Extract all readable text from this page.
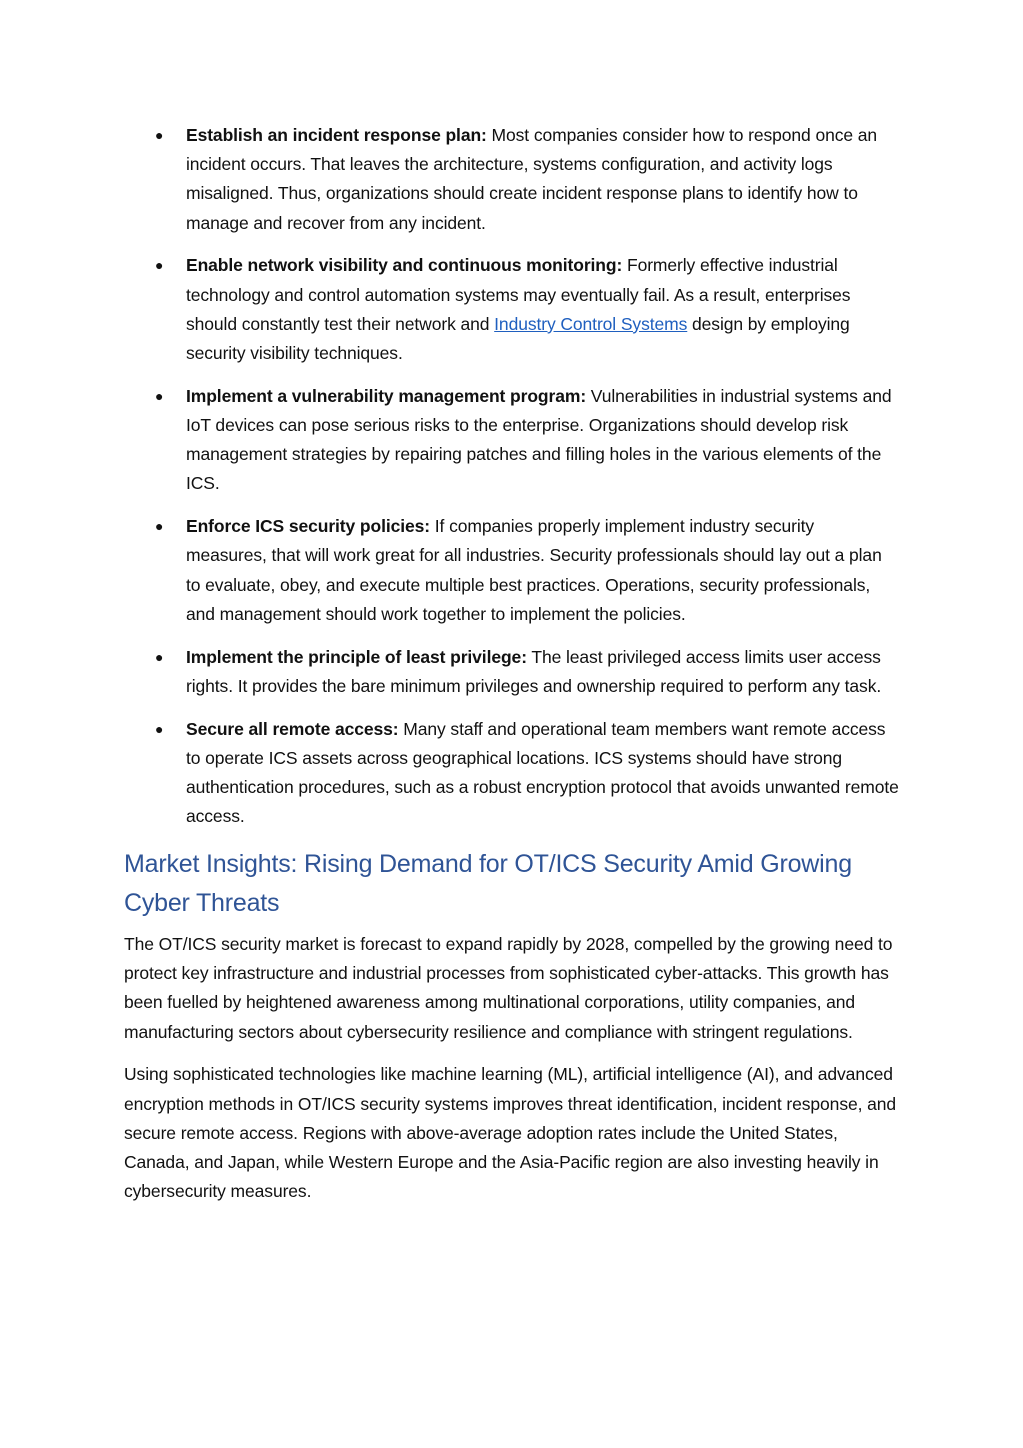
● Establish an incident response plan: Most companies consider how to respond once an incident occurs. That leaves the architecture, systems configuration, and activity logs misaligned. Thus, organizations should create incident response plans to identify how to manage and recover from any incident.
● Enable network visibility and continuous monitoring: Formerly effective industrial technology and control automation systems may eventually fail. As a result, enterprises should constantly test their network and Industry Control Systems design by employing security visibility techniques.
● Implement a vulnerability management program: Vulnerabilities in industrial systems and IoT devices can pose serious risks to the enterprise. Organizations should develop risk management strategies by repairing patches and filling holes in the various elements of the ICS.
● Enforce ICS security policies: If companies properly implement industry security measures, that will work great for all industries. Security professionals should lay out a plan to evaluate, obey, and execute multiple best practices. Operations, security professionals, and management should work together to implement the policies.
● Implement the principle of least privilege: The least privileged access limits user access rights. It provides the bare minimum privileges and ownership required to perform any task.
● Secure all remote access: Many staff and operational team members want remote access to operate ICS assets across geographical locations. ICS systems should have strong authentication procedures, such as a robust encryption protocol that avoids unwanted remote access.
Market Insights: Rising Demand for OT/ICS Security Amid Growing Cyber Threats

The OT/ICS security market is forecast to expand rapidly by 2028, compelled by the growing need to protect key infrastructure and industrial processes from sophisticated cyber-attacks. This growth has been fuelled by heightened awareness among multinational corporations, utility companies, and manufacturing sectors about cybersecurity resilience and compliance with stringent regulations.

Using sophisticated technologies like machine learning (ML), artificial intelligence (AI), and advanced encryption methods in OT/ICS security systems improves threat identification, incident response, and secure remote access. Regions with above-average adoption rates include the United States, Canada, and Japan, while Western Europe and the Asia-Pacific region are also investing heavily in cybersecurity measures.
